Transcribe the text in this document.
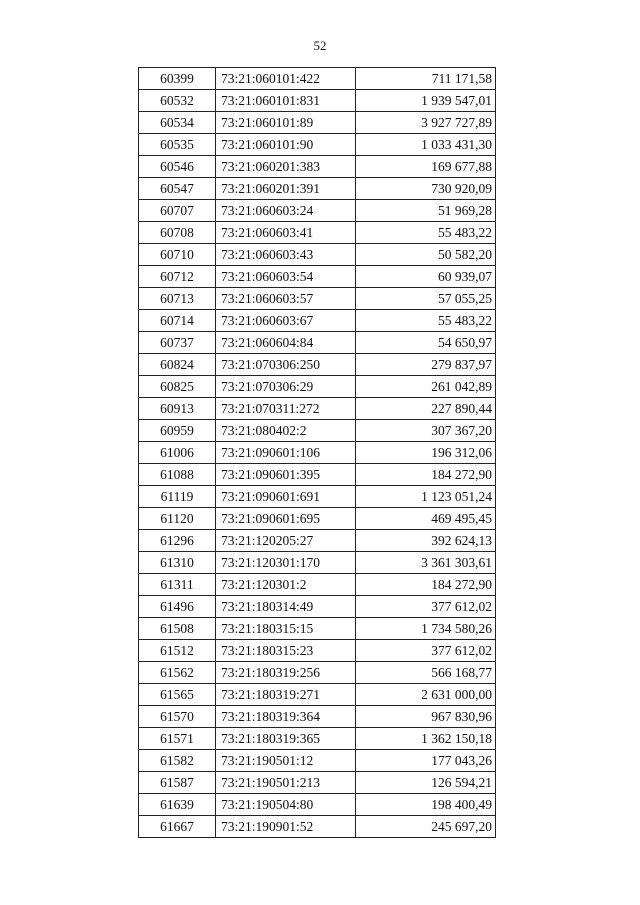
52
60399	73:21:060101:422	711 171,58
60532	73:21:060101:831	1 939 547,01
60534	73:21:060101:89	3 927 727,89
60535	73:21:060101:90	1 033 431,30
60546	73:21:060201:383	169 677,88
60547	73:21:060201:391	730 920,09
60707	73:21:060603:24	51 969,28
60708	73:21:060603:41	55 483,22
60710	73:21:060603:43	50 582,20
60712	73:21:060603:54	60 939,07
60713	73:21:060603:57	57 055,25
60714	73:21:060603:67	55 483,22
60737	73:21:060604:84	54 650,97
60824	73:21:070306:250	279 837,97
60825	73:21:070306:29	261 042,89
60913	73:21:070311:272	227 890,44
60959	73:21:080402:2	307 367,20
61006	73:21:090601:106	196 312,06
61088	73:21:090601:395	184 272,90
61119	73:21:090601:691	1 123 051,24
61120	73:21:090601:695	469 495,45
61296	73:21:120205:27	392 624,13
61310	73:21:120301:170	3 361 303,61
61311	73:21:120301:2	184 272,90
61496	73:21:180314:49	377 612,02
61508	73:21:180315:15	1 734 580,26
61512	73:21:180315:23	377 612,02
61562	73:21:180319:256	566 168,77
61565	73:21:180319:271	2 631 000,00
61570	73:21:180319:364	967 830,96
61571	73:21:180319:365	1 362 150,18
61582	73:21:190501:12	177 043,26
61587	73:21:190501:213	126 594,21
61639	73:21:190504:80	198 400,49
61667	73:21:190901:52	245 697,20
